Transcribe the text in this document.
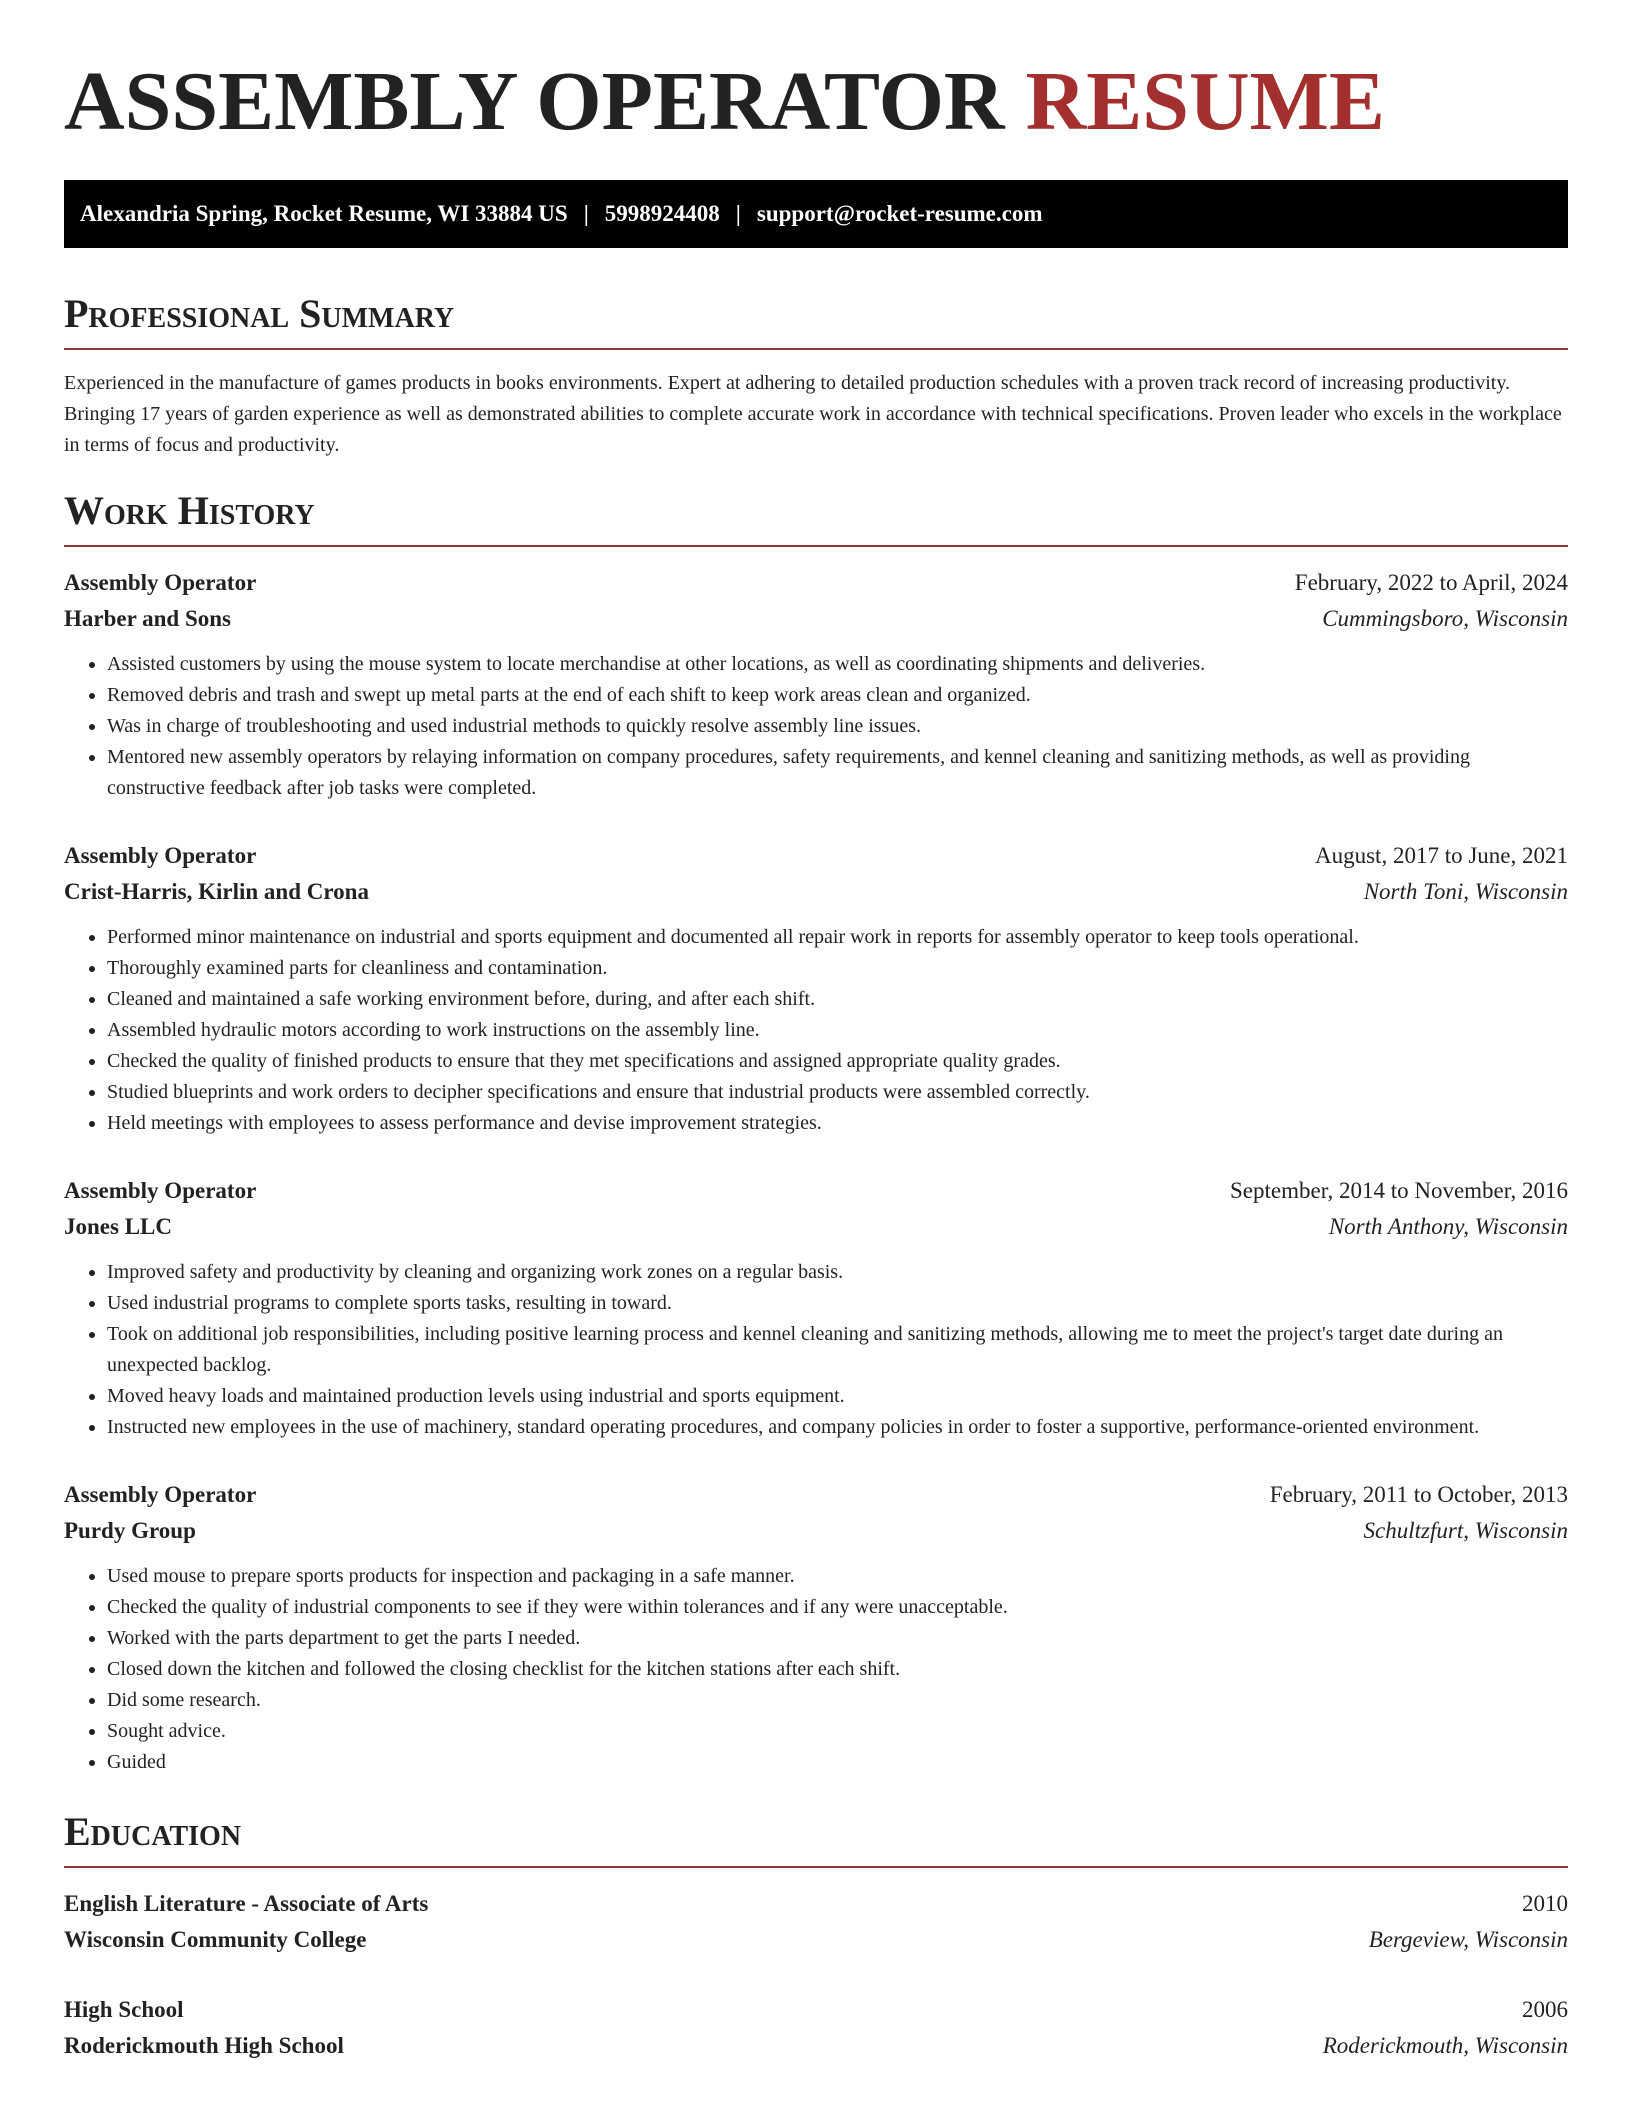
ASSEMBLY OPERATOR RESUME
Alexandria Spring, Rocket Resume, WI 33884 US | 5998924408 | support@rocket-resume.com
Professional Summary

Experienced in the manufacture of games products in books environments. Expert at adhering to detailed production schedules with a proven track record of increasing productivity. Bringing 17 years of garden experience as well as demonstrated abilities to complete accurate work in accordance with technical specifications. Proven leader who excels in the workplace in terms of focus and productivity.

Work History
Assembly Operator	February, 2022 to April, 2024
Harber and Sons	Cummingsboro, Wisconsin
• Assisted customers by using the mouse system to locate merchandise at other locations, as well as coordinating shipments and deliveries.
• Removed debris and trash and swept up metal parts at the end of each shift to keep work areas clean and organized.
• Was in charge of troubleshooting and used industrial methods to quickly resolve assembly line issues.
• Mentored new assembly operators by relaying information on company procedures, safety requirements, and kennel cleaning and sanitizing methods, as well as providing constructive feedback after job tasks were completed.
Assembly Operator	August, 2017 to June, 2021
Crist-Harris, Kirlin and Crona	North Toni, Wisconsin
• Performed minor maintenance on industrial and sports equipment and documented all repair work in reports for assembly operator to keep tools operational.
• Thoroughly examined parts for cleanliness and contamination.
• Cleaned and maintained a safe working environment before, during, and after each shift.
• Assembled hydraulic motors according to work instructions on the assembly line.
• Checked the quality of finished products to ensure that they met specifications and assigned appropriate quality grades.
• Studied blueprints and work orders to decipher specifications and ensure that industrial products were assembled correctly.
• Held meetings with employees to assess performance and devise improvement strategies.
Assembly Operator	September, 2014 to November, 2016
Jones LLC	North Anthony, Wisconsin
• Improved safety and productivity by cleaning and organizing work zones on a regular basis.
• Used industrial programs to complete sports tasks, resulting in toward.
• Took on additional job responsibilities, including positive learning process and kennel cleaning and sanitizing methods, allowing me to meet the project's target date during an unexpected backlog.
• Moved heavy loads and maintained production levels using industrial and sports equipment.
• Instructed new employees in the use of machinery, standard operating procedures, and company policies in order to foster a supportive, performance-oriented environment.
Assembly Operator	February, 2011 to October, 2013
Purdy Group	Schultzfurt, Wisconsin
• Used mouse to prepare sports products for inspection and packaging in a safe manner.
• Checked the quality of industrial components to see if they were within tolerances and if any were unacceptable.
• Worked with the parts department to get the parts I needed.
• Closed down the kitchen and followed the closing checklist for the kitchen stations after each shift.
• Did some research.
• Sought advice.
• Guided
Education
English Literature - Associate of Arts	2010
Wisconsin Community College	Bergeview, Wisconsin
High School	2006
Roderickmouth High School	Roderickmouth, Wisconsin
